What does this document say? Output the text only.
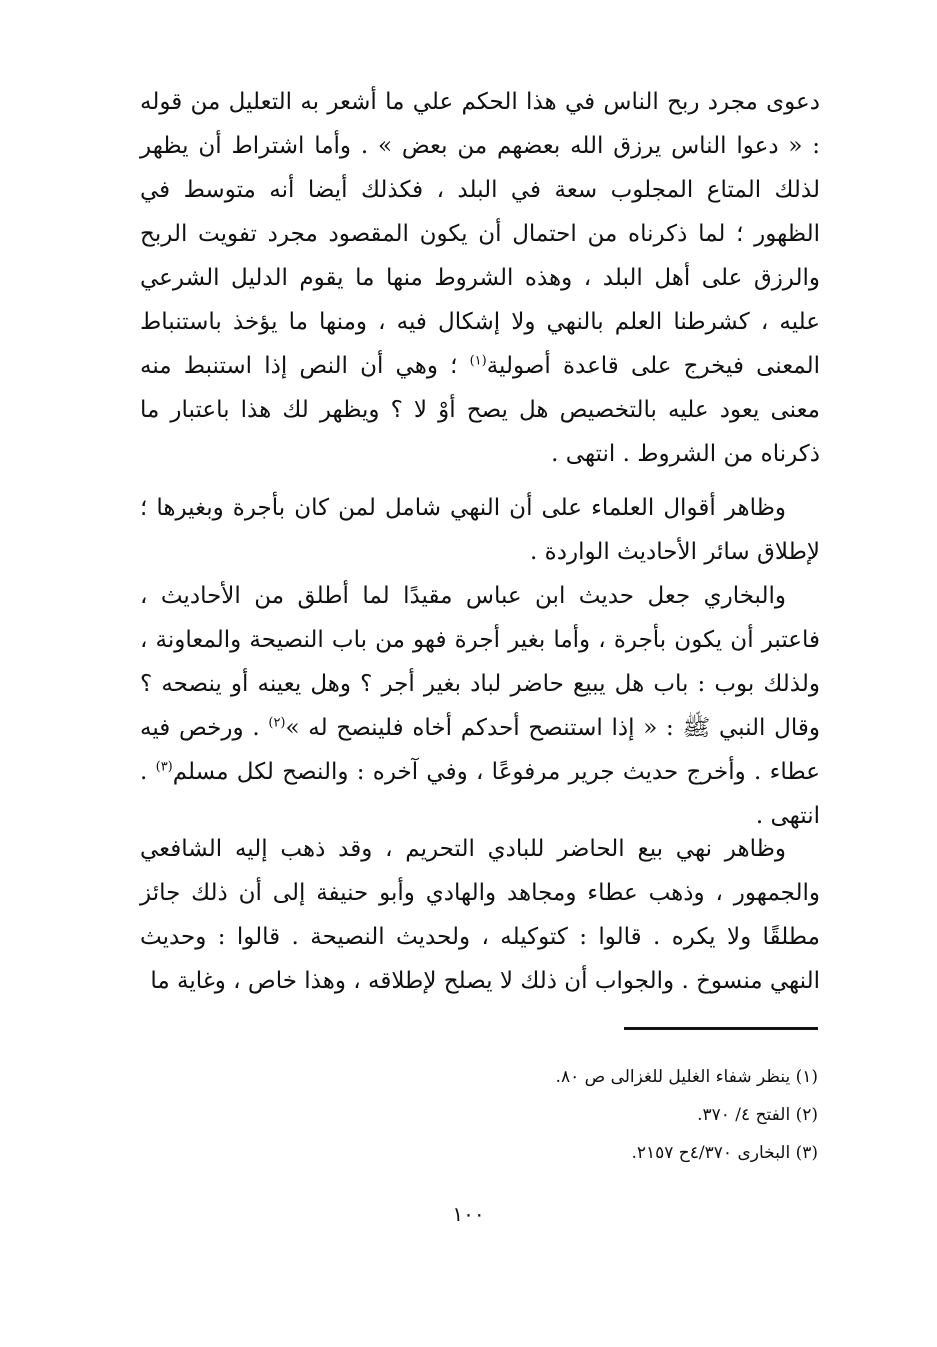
دعوى مجرد ربح الناس في هذا الحكم علي ما أشعر به التعليل من قوله : « دعوا الناس يرزق الله بعضهم من بعض » . وأما اشتراط أن يظهر لذلك المتاع المجلوب سعة في البلد ، فكذلك أيضا أنه متوسط في الظهور ؛ لما ذكرناه من احتمال أن يكون المقصود مجرد تفويت الربح والرزق على أهل البلد ، وهذه الشروط منها ما يقوم الدليل الشرعي عليه ، كشرطنا العلم بالنهي ولا إشكال فيه ، ومنها ما يؤخذ باستنباط المعنى فيخرج على قاعدة أصولية$^{(١)}$ ؛ وهي أن النص إذا استنبط منه معنى يعود عليه بالتخصيص هل يصح أوْ لا ؟ ويظهر لك هذا باعتبار ما ذكرناه من الشروط . انتهى .

وظاهر أقوال العلماء على أن النهي شامل لمن كان بأجرة وبغيرها ؛ لإطلاق سائر الأحاديث الواردة .

والبخاري جعل حديث ابن عباس مقيدًا لما أطلق من الأحاديث ، فاعتبر أن يكون بأجرة ، وأما بغير أجرة فهو من باب النصيحة والمعاونة ، ولذلك بوب : باب هل يبيع حاضر لباد بغير أجر ؟ وهل يعينه أو ينصحه ؟ وقال النبي ﷺ : « إذا استنصح أحدكم أخاه فلينصح له »$^{(٢)}$ . ورخص فيه عطاء . وأخرج حديث جرير مرفوعًا ، وفي آخره : والنصح لكل مسلم$^{(٣)}$ . انتهى .

وظاهر نهي بيع الحاضر للبادي التحريم ، وقد ذهب إليه الشافعي والجمهور ، وذهب عطاء ومجاهد والهادي وأبو حنيفة إلى أن ذلك جائز مطلقًا ولا يكره . قالوا : كتوكيله ، ولحديث النصيحة . قالوا : وحديث النهي منسوخ . والجواب أن ذلك لا يصلح لإطلاقه ، وهذا خاص ، وغاية ما

(١) ينظر شفاء الغليل للغزالى ص ٨٠.

(٢) الفتح ٤/ ٣٧٠.

(٣) البخارى ٤/٣٧٠ح ٢١٥٧.

١٠٠
